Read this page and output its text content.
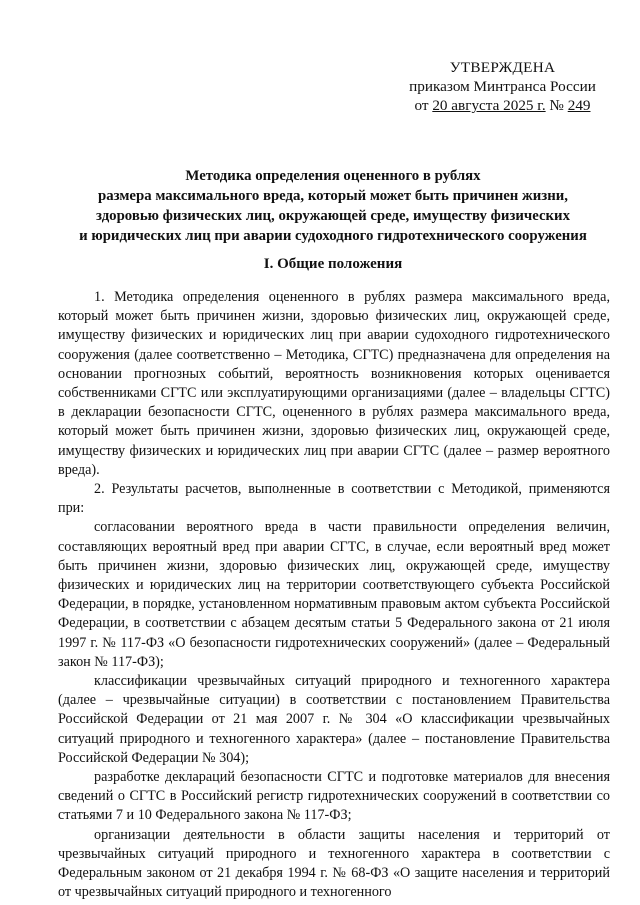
УТВЕРЖДЕНА
приказом Минтранса России
от 20 августа 2025 г. № 249
Методика определения оцененного в рублях
размера максимального вреда, который может быть причинен жизни,
здоровью физических лиц, окружающей среде, имуществу физических
и юридических лиц при аварии судоходного гидротехнического сооружения
I. Общие положения

1. Методика определения оцененного в рублях размера максимального вреда, который может быть причинен жизни, здоровью физических лиц, окружающей среде, имуществу физических и юридических лиц при аварии судоходного гидротехнического сооружения (далее соответственно – Методика, СГТС) предназначена для определения на основании прогнозных событий, вероятность возникновения которых оценивается собственниками СГТС или эксплуатирующими организациями (далее – владельцы СГТС) в декларации безопасности СГТС, оцененного в рублях размера максимального вреда, который может быть причинен жизни, здоровью физических лиц, окружающей среде, имуществу физических и юридических лиц при аварии СГТС (далее – размер вероятного вреда).

2. Результаты расчетов, выполненные в соответствии с Методикой, применяются при:

согласовании вероятного вреда в части правильности определения величин, составляющих вероятный вред при аварии СГТС, в случае, если вероятный вред может быть причинен жизни, здоровью физических лиц, окружающей среде, имуществу физических и юридических лиц на территории соответствующего субъекта Российской Федерации, в порядке, установленном нормативным правовым актом субъекта Российской Федерации, в соответствии с абзацем десятым статьи 5 Федерального закона от 21 июля 1997 г. № 117-ФЗ «О безопасности гидротехнических сооружений» (далее – Федеральный закон № 117-ФЗ);

классификации чрезвычайных ситуаций природного и техногенного характера (далее – чрезвычайные ситуации) в соответствии с постановлением Правительства Российской Федерации от 21 мая 2007 г. № 304 «О классификации чрезвычайных ситуаций природного и техногенного характера» (далее – постановление Правительства Российской Федерации № 304);

разработке деклараций безопасности СГТС и подготовке материалов для внесения сведений о СГТС в Российский регистр гидротехнических сооружений в соответствии со статьями 7 и 10 Федерального закона № 117-ФЗ;

организации деятельности в области защиты населения и территорий от чрезвычайных ситуаций природного и техногенного характера в соответствии с Федеральным законом от 21 декабря 1994 г. № 68-ФЗ «О защите населения и территорий от чрезвычайных ситуаций природного и техногенного
